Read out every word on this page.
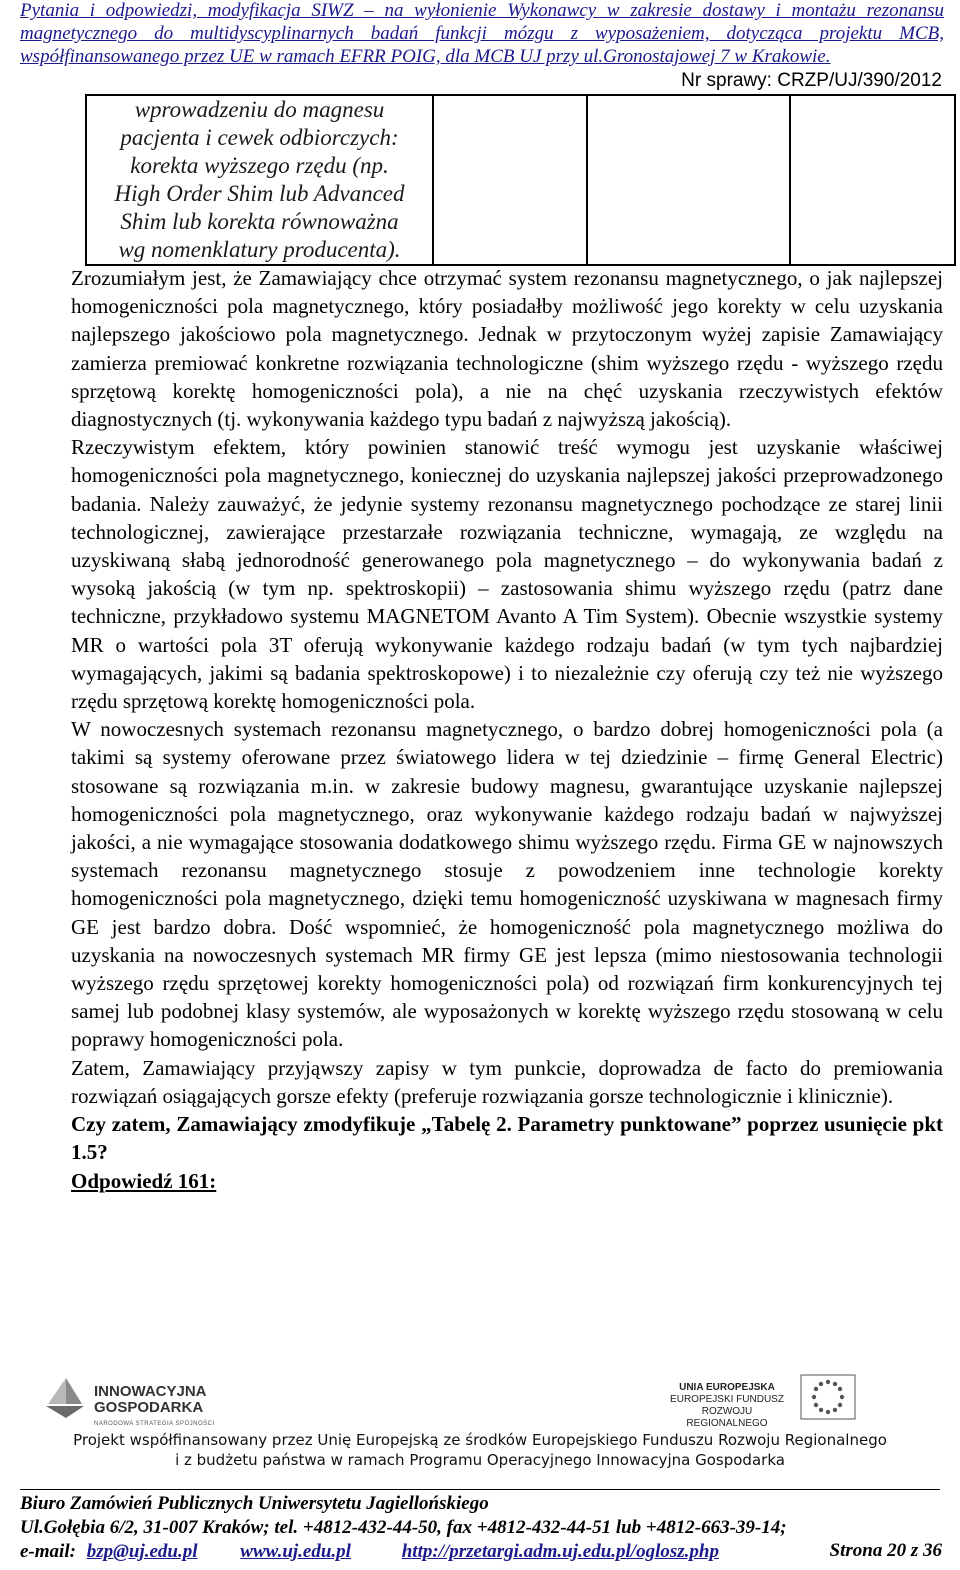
Pytania i odpowiedzi, modyfikacja SIWZ – na wyłonienie Wykonawcy w zakresie dostawy i montażu rezonansu
magnetycznego do multidyscyplinarnych badań funkcji mózgu z wyposażeniem, dotycząca projektu MCB,
współfinansowanego przez UE w ramach EFRR POIG, dla MCB UJ przy ul.Gronostajowej 7 w Krakowie.
Nr sprawy: CRZP/UJ/390/2012
wprowadzeniu do magnesu
pacjenta i cewek odbiorczych:
korekta wyższego rzędu (np.
High Order Shim lub Advanced
Shim lub korekta równoważna
wg nomenklatury producenta).

Zrozumiałym jest, że Zamawiający chce otrzymać system rezonansu magnetycznego, o jak najlepszej homogeniczności pola magnetycznego, który posiadałby możliwość jego korekty w celu uzyskania najlepszego jakościowo pola magnetycznego. Jednak w przytoczonym wyżej zapisie Zamawiający zamierza premiować konkretne rozwiązania technologiczne (shim wyższego rzędu - wyższego rzędu sprzętową korektę homogeniczności pola), a nie na chęć uzyskania rzeczywistych efektów diagnostycznych (tj. wykonywania każdego typu badań z najwyższą jakością).

Rzeczywistym efektem, który powinien stanowić treść wymogu jest uzyskanie właściwej homogeniczności pola magnetycznego, koniecznej do uzyskania najlepszej jakości przeprowadzonego badania. Należy zauważyć, że jedynie systemy rezonansu magnetycznego pochodzące ze starej linii technologicznej, zawierające przestarzałe rozwiązania techniczne, wymagają, ze względu na uzyskiwaną słabą jednorodność generowanego pola magnetycznego – do wykonywania badań z wysoką jakością (w tym np. spektroskopii) – zastosowania shimu wyższego rzędu (patrz dane techniczne, przykładowo systemu MAGNETOM Avanto A Tim System). Obecnie wszystkie systemy MR o wartości pola 3T oferują wykonywanie każdego rodzaju badań (w tym tych najbardziej wymagających, jakimi są badania spektroskopowe) i to niezależnie czy oferują czy też nie wyższego rzędu sprzętową korektę homogeniczności pola.

W nowoczesnych systemach rezonansu magnetycznego, o bardzo dobrej homogeniczności pola (a takimi są systemy oferowane przez światowego lidera w tej dziedzinie – firmę General Electric) stosowane są rozwiązania m.in. w zakresie budowy magnesu, gwarantujące uzyskanie najlepszej homogeniczności pola magnetycznego, oraz wykonywanie każdego rodzaju badań w najwyższej jakości, a nie wymagające stosowania dodatkowego shimu wyższego rzędu. Firma GE w najnowszych systemach rezonansu magnetycznego stosuje z powodzeniem inne technologie korekty homogeniczności pola magnetycznego, dzięki temu homogeniczność uzyskiwana w magnesach firmy GE jest bardzo dobra. Dość wspomnieć, że homogeniczność pola magnetycznego możliwa do uzyskania na nowoczesnych systemach MR firmy GE jest lepsza (mimo niestosowania technologii wyższego rzędu sprzętowej korekty homogeniczności pola) od rozwiązań firm konkurencyjnych tej samej lub podobnej klasy systemów, ale wyposażonych w korektę wyższego rzędu stosowaną w celu poprawy homogeniczności pola.

Zatem, Zamawiający przyjąwszy zapisy w tym punkcie, doprowadza de facto do premiowania rozwiązań osiągających gorsze efekty (preferuje rozwiązania gorsze technologicznie i klinicznie).

Czy zatem, Zamawiający zmodyfikuje „Tabelę 2. Parametry punktowane” poprzez usunięcie pkt 1.5?

Odpowiedź 161:

INNOWACYJNA
GOSPODARKA
NARODOWA STRATEGIA SPÓJNOŚCI
UNIA EUROPEJSKA
EUROPEJSKI FUNDUSZ
ROZWOJU REGIONALNEGO
Projekt współfinansowany przez Unię Europejską ze środków Europejskiego Funduszu Rozwoju Regionalnego
i z budżetu państwa w ramach Programu Operacyjnego Innowacyjna Gospodarka
Biuro Zamówień Publicznych Uniwersytetu Jagiellońskiego
Ul.Gołębia 6/2, 31-007 Kraków; tel. +4812-432-44-50, fax +4812-432-44-51 lub +4812-663-39-14;
e-mail: bzp@uj.edu.pl www.uj.edu.pl	http://przetargi.adm.uj.edu.pl/oglosz.php	Strona 20 z 36
